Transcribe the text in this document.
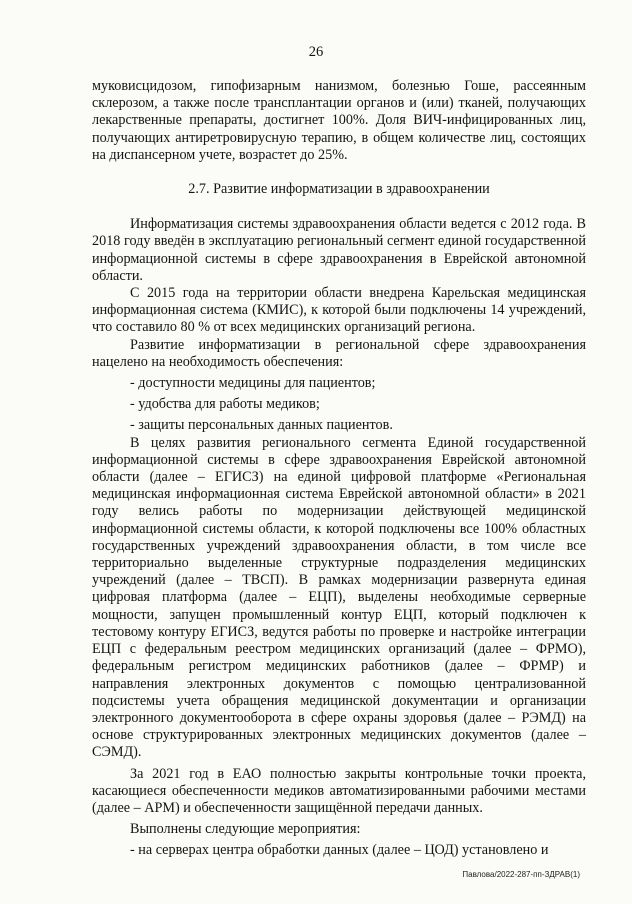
26

муковисцидозом, гипофизарным нанизмом, болезнью Гоше, рассеянным склерозом, а также после трансплантации органов и (или) тканей, получающих лекарственные препараты, достигнет 100%. Доля ВИЧ-инфицированных лиц, получающих антиретровирусную терапию, в общем количестве лиц, состоящих на диспансерном учете, возрастет до 25%.

2.7. Развитие информатизации в здравоохранении

Информатизация системы здравоохранения области ведется с 2012 года. В 2018 году введён в эксплуатацию региональный сегмент единой государственной информационной системы в сфере здравоохранения в Еврейской автономной области.

С 2015 года на территории области внедрена Карельская медицинская информационная система (КМИС), к которой были подключены 14 учреждений, что составило 80 % от всех медицинских организаций региона.

Развитие информатизации в региональной сфере здравоохранения нацелено на необходимость обеспечения:

- доступности медицины для пациентов;

- удобства для работы медиков;

- защиты персональных данных пациентов.

В целях развития регионального сегмента Единой государственной информационной системы в сфере здравоохранения Еврейской автономной области (далее – ЕГИСЗ) на единой цифровой платформе «Региональная медицинская информационная система Еврейской автономной области» в 2021 году велись работы по модернизации действующей медицинской информационной системы области, к которой подключены все 100% областных государственных учреждений здравоохранения области, в том числе все территориально выделенные структурные подразделения медицинских учреждений (далее – ТВСП). В рамках модернизации развернута единая цифровая платформа (далее – ЕЦП), выделены необходимые серверные мощности, запущен промышленный контур ЕЦП, который подключен к тестовому контуру ЕГИСЗ, ведутся работы по проверке и настройке интеграции ЕЦП с федеральным реестром медицинских организаций (далее – ФРМО), федеральным регистром медицинских работников (далее – ФРМР) и направления электронных документов с помощью централизованной подсистемы учета обращения медицинской документации и организации электронного документооборота в сфере охраны здоровья (далее – РЭМД) на основе структурированных электронных медицинских документов (далее –СЭМД).

За 2021 год в ЕАО полностью закрыты контрольные точки проекта, касающиеся обеспеченности медиков автоматизированными рабочими местами (далее – АРМ) и обеспеченности защищённой передачи данных.

Выполнены следующие мероприятия:

- на серверах центра обработки данных (далее – ЦОД) установлено и

Павлова/2022-287-пп-ЗДРАВ(1)
